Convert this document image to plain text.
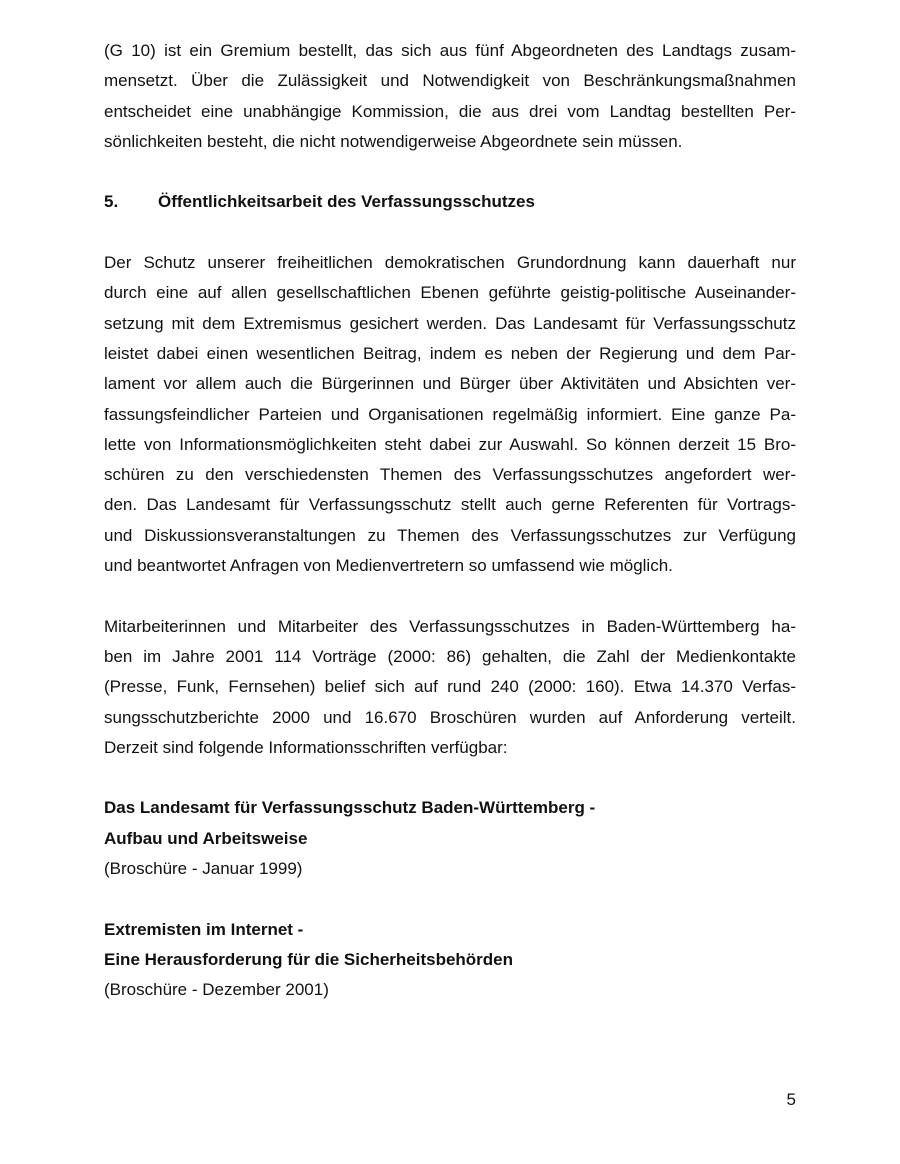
(G 10) ist ein Gremium bestellt, das sich aus fünf Abgeordneten des Landtags zusam-
mensetzt. Über die Zulässigkeit und Notwendigkeit von Beschränkungsmaßnahmen
entscheidet eine unabhängige Kommission, die aus drei vom Landtag bestellten Per-
sönlichkeiten besteht, die nicht notwendigerweise Abgeordnete sein müssen.

5.	Öffentlichkeitsarbeit des Verfassungsschutzes

Der Schutz unserer freiheitlichen demokratischen Grundordnung kann dauerhaft nur
durch eine auf allen gesellschaftlichen Ebenen geführte geistig-politische Auseinander-
setzung mit dem Extremismus gesichert werden. Das Landesamt für Verfassungsschutz
leistet dabei einen wesentlichen Beitrag, indem es neben der Regierung und dem Par-
lament vor allem auch die Bürgerinnen und Bürger über Aktivitäten und Absichten ver-
fassungsfeindlicher Parteien und Organisationen regelmäßig informiert. Eine ganze Pa-
lette von Informationsmöglichkeiten steht dabei zur Auswahl. So können derzeit 15 Bro-
schüren zu den verschiedensten Themen des Verfassungsschutzes angefordert wer-
den. Das Landesamt für Verfassungsschutz stellt auch gerne Referenten für Vortrags-
und Diskussionsveranstaltungen zu Themen des Verfassungsschutzes zur Verfügung
und beantwortet Anfragen von Medienvertretern so umfassend wie möglich.

Mitarbeiterinnen und Mitarbeiter des Verfassungsschutzes in Baden-Württemberg ha-
ben im Jahre 2001 114 Vorträge (2000: 86) gehalten, die Zahl der Medienkontakte
(Presse, Funk, Fernsehen) belief sich auf rund 240 (2000: 160). Etwa 14.370 Verfas-
sungsschutzberichte 2000 und 16.670 Broschüren wurden auf Anforderung verteilt.
Derzeit sind folgende Informationsschriften verfügbar:

Das Landesamt für Verfassungsschutz Baden-Württemberg -
Aufbau und Arbeitsweise
(Broschüre - Januar 1999)
Extremisten im Internet -
Eine Herausforderung für die Sicherheitsbehörden
(Broschüre - Dezember 2001)
5
